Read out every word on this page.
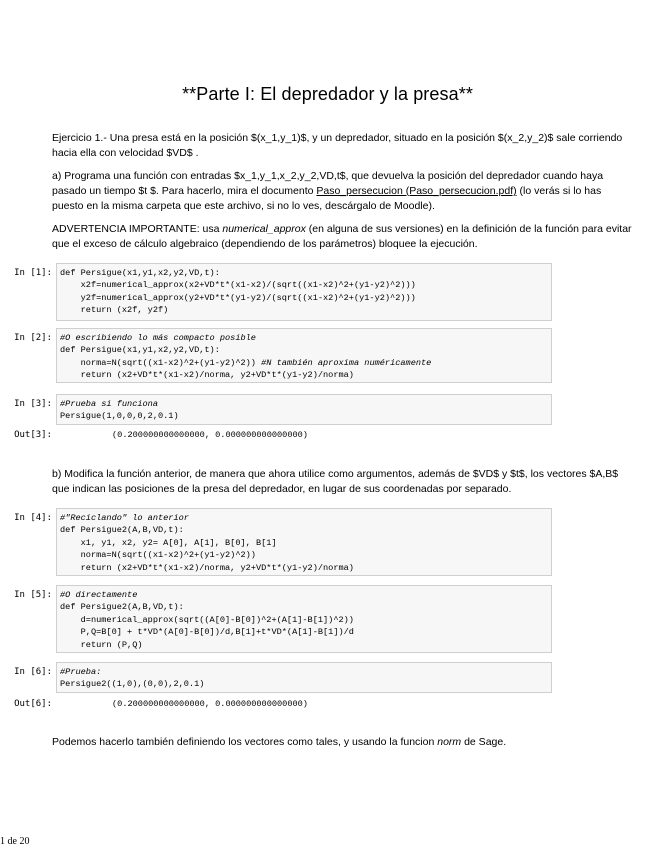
**Parte I: El depredador y la presa**
Ejercicio 1.- Una presa está en la posición $(x_1,y_1)$, y un depredador, situado en la posición $(x_2,y_2)$ sale corriendo
hacia ella con velocidad $VD$ .
a) Programa una función con entradas $x_1,y_1,x_2,y_2,VD,t$, que devuelva la posición del depredador cuando haya
pasado un tiempo $t $. Para hacerlo, mira el documento Paso_persecucion (Paso_persecucion.pdf) (lo verás si lo has
puesto en la misma carpeta que este archivo, si no lo ves, descárgalo de Moodle).
ADVERTENCIA IMPORTANTE: usa numerical_approx (en alguna de sus versiones) en la definición de la función para evitar
que el exceso de cálculo algebraico (dependiendo de los parámetros) bloquee la ejecución.
In [1]: def Persigue(x1,y1,x2,y2,VD,t):
x2f=numerical_approx(x2+VD*t*(x1-x2)/(sqrt((x1-x2)^2+(y1-y2)^2)))
y2f=numerical_approx(y2+VD*t*(y1-y2)/(sqrt((x1-x2)^2+(y1-y2)^2)))
return (x2f, y2f)
In [2]: #O escribiendo lo más compacto posible
def Persigue(x1,y1,x2,y2,VD,t):
norma=N(sqrt((x1-x2)^2+(y1-y2)^2)) #N también aproxima numéricamente
return (x2+VD*t*(x1-x2)/norma, y2+VD*t*(y1-y2)/norma)
In [3]: #Prueba si funciona
Persigue(1,0,0,0,2,0.1)
Out[3]:	(0.200000000000000, 0.000000000000000)
b) Modifica la función anterior, de manera que ahora utilice como argumentos, además de $VD$ y $t$, los vectores $A,B$
que indican las posiciones de la presa del depredador, en lugar de sus coordenadas por separado.
In [4]: #"Reciclando" lo anterior
def Persigue2(A,B,VD,t):
x1, y1, x2, y2= A[0], A[1], B[0], B[1]
norma=N(sqrt((x1-x2)^2+(y1-y2)^2))
return (x2+VD*t*(x1-x2)/norma, y2+VD*t*(y1-y2)/norma)
In [5]: #O directamente
def Persigue2(A,B,VD,t):
d=numerical_approx(sqrt((A[0]-B[0])^2+(A[1]-B[1])^2))
P,Q=B[0] + t*VD*(A[0]-B[0])/d,B[1]+t*VD*(A[1]-B[1])/d
return (P,Q)
In [6]: #Prueba:
Persigue2((1,0),(0,0),2,0.1)
Out[6]:	(0.200000000000000, 0.000000000000000)
Podemos hacerlo también definiendo los vectores como tales, y usando la funcion norm de Sage.
1 de 20
